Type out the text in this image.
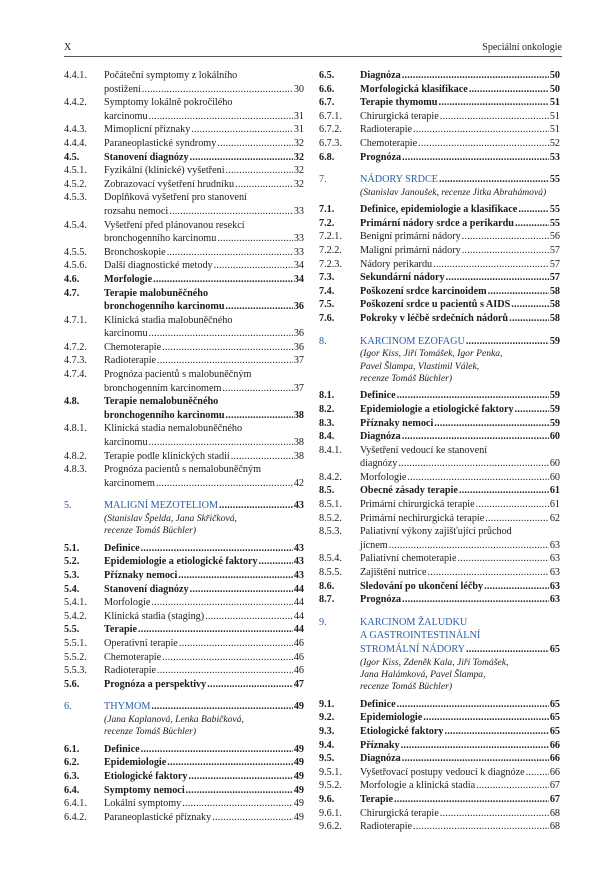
X	Speciální onkologie
4.4.1.	Počáteční symptomy z lokálního
postižení .....	30
4.4.2.	Symptomy lokálně pokročilého
karcinomu .....	31
4.4.3.	Mimoplicní příznaky .....	31
4.4.4.	Paraneoplastické syndromy .....	32
4.5.	Stanovení diagnózy .....	32
4.5.1.	Fyzikální (klinické) vyšetření .....	32
4.5.2.	Zobrazovací vyšetření hrudníku .....	32
4.5.3.	Doplňková vyšetření pro stanovení
rozsahu nemoci .....	33
4.5.4.	Vyšetření před plánovanou resekcí
bronchogenního karcinomu .....	33
4.5.5.	Bronchoskopie .....	33
4.5.6.	Další diagnostické metody .....	34
4.6.	Morfologie .....	34
4.7.	Terapie malobuněčného
bronchogenního karcinomu .....	36
4.7.1.	Klinická stadia malobuněčného
karcinomu .....	36
4.7.2.	Chemoterapie .....	36
4.7.3.	Radioterapie .....	37
4.7.4.	Prognóza pacientů s malobuněčným
bronchogenním karcinomem .....	37
4.8.	Terapie nemalobuněčného
bronchogenního karcinomu .....	38
4.8.1.	Klinická stadia nemalobuněčného
karcinomu .....	38
4.8.2.	Terapie podle klinických stadií .....	38
4.8.3.	Prognóza pacientů s nemalobuněčným
karcinomem .....	42
5.	MALIGNÍ MEZOTELIOM .....	43
(Stanislav Špelda, Jana Skřičková,
recenze Tomáš Büchler)
5.1.	Definice .....	43
5.2.	Epidemiologie a etiologické faktory .....	43
5.3.	Příznaky nemoci .....	43
5.4.	Stanovení diagnózy .....	44
5.4.1.	Morfologie .....	44
5.4.2.	Klinická stadia (staging) .....	44
5.5.	Terapie .....	44
5.5.1.	Operativní terapie .....	46
5.5.2.	Chemoterapie .....	46
5.5.3.	Radioterapie .....	46
5.6.	Prognóza a perspektivy .....	47
6.	THYMOM .....	49
(Jana Kaplanová, Lenka Babičková,
recenze Tomáš Büchler)
6.1.	Definice .....	49
6.2.	Epidemiologie .....	49
6.3.	Etiologické faktory .....	49
6.4.	Symptomy nemoci .....	49
6.4.1.	Lokální symptomy .....	49
6.4.2.	Paraneoplastické příznaky .....	49
6.5.	Diagnóza .....	50
6.6.	Morfologická klasifikace .....	50
6.7.	Terapie thymomu .....	51
6.7.1.	Chirurgická terapie .....	51
6.7.2.	Radioterapie .....	51
6.7.3.	Chemoterapie .....	52
6.8.	Prognóza .....	53
7.	NÁDORY SRDCE .....	55
(Stanislav Janoušek, recenze Jitka Abrahámová)
7.1.	Definice, epidemiologie a klasifikace .....	55
7.2.	Primární nádory srdce a perikardu .....	55
7.2.1.	Benigní primární nádory .....	56
7.2.2.	Maligní primární nádory .....	57
7.2.3.	Nádory perikardu .....	57
7.3.	Sekundární nádory .....	57
7.4.	Poškození srdce karcinoidem .....	58
7.5.	Poškození srdce u pacientů s AIDS .....	58
7.6.	Pokroky v léčbě srdečních nádorů .....	58
8.	KARCINOM EZOFAGU .....	59
(Igor Kiss, Jiří Tomášek, Igor Penka,
Pavel Šlampa, Vlastimil Válek,
recenze Tomáš Büchler)
8.1.	Definice .....	59
8.2.	Epidemiologie a etiologické faktory .....	59
8.3.	Příznaky nemoci .....	59
8.4.	Diagnóza .....	60
8.4.1.	Vyšetření vedoucí ke stanovení
diagnózy .....	60
8.4.2.	Morfologie .....	60
8.5.	Obecné zásady terapie .....	61
8.5.1.	Primární chirurgická terapie .....	61
8.5.2.	Primární nechirurgická terapie .....	62
8.5.3.	Paliativní výkony zajišťující průchod
jícnem .....	63
8.5.4.	Paliativní chemoterapie .....	63
8.5.5.	Zajištění nutrice .....	63
8.6.	Sledování po ukončení léčby .....	63
8.7.	Prognóza .....	63
9.	KARCINOM ŽALUDKU
A GASTROINTESTINÁLNÍ
STROMÁLNÍ NÁDORY .....	65
(Igor Kiss, Zdeněk Kala, Jiří Tomášek,
Jana Halámková, Pavel Šlampa,
recenze Tomáš Büchler)
9.1.	Definice .....	65
9.2.	Epidemiologie .....	65
9.3.	Etiologické faktory .....	65
9.4.	Příznaky .....	66
9.5.	Diagnóza .....	66
9.5.1.	Vyšetřovací postupy vedoucí k diagnóze ..... 66
9.5.2.	Morfologie a klinická stadia .....	67
9.6.	Terapie .....	67
9.6.1.	Chirurgická terapie .....	68
9.6.2.	Radioterapie .....	68
